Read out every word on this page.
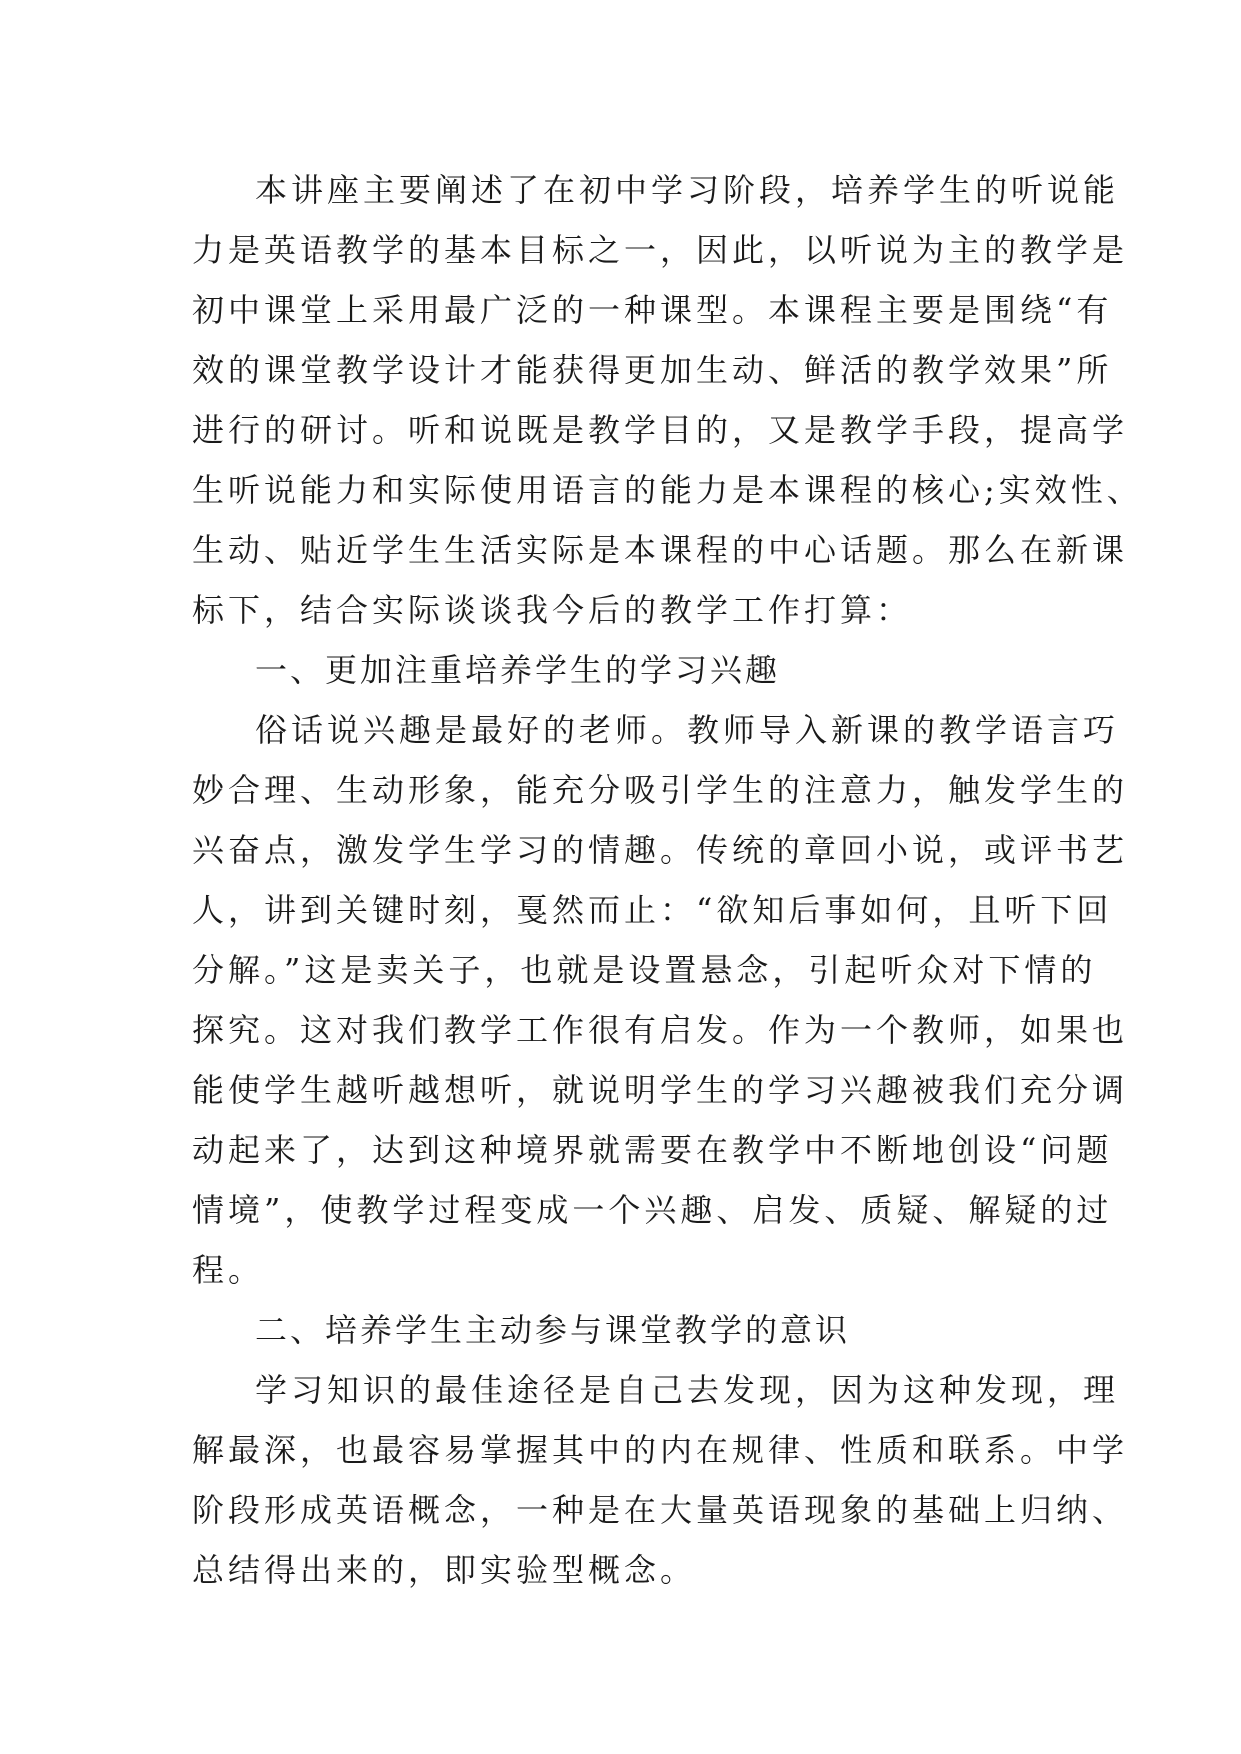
本讲座主要阐述了在初中学习阶段，培养学生的听说能
力是英语教学的基本目标之一，因此，以听说为主的教学是
初中课堂上采用最广泛的一种课型。本课程主要是围绕“有
效的课堂教学设计才能获得更加生动、鲜活的教学效果”所
进行的研讨。听和说既是教学目的，又是教学手段，提高学
生听说能力和实际使用语言的能力是本课程的核心;实效性、
生动、贴近学生生活实际是本课程的中心话题。那么在新课
标下，结合实际谈谈我今后的教学工作打算：
一、更加注重培养学生的学习兴趣
俗话说兴趣是最好的老师。教师导入新课的教学语言巧
妙合理、生动形象，能充分吸引学生的注意力，触发学生的
兴奋点，激发学生学习的情趣。传统的章回小说，或评书艺
人，讲到关键时刻，戛然而止：“欲知后事如何，且听下回
分解。”这是卖关子，也就是设置悬念，引起听众对下情的
探究。这对我们教学工作很有启发。作为一个教师，如果也
能使学生越听越想听，就说明学生的学习兴趣被我们充分调
动起来了，达到这种境界就需要在教学中不断地创设“问题
情境”，使教学过程变成一个兴趣、启发、质疑、解疑的过
程。
二、培养学生主动参与课堂教学的意识
学习知识的最佳途径是自己去发现，因为这种发现，理
解最深，也最容易掌握其中的内在规律、性质和联系。中学
阶段形成英语概念，一种是在大量英语现象的基础上归纳、
总结得出来的，即实验型概念。
